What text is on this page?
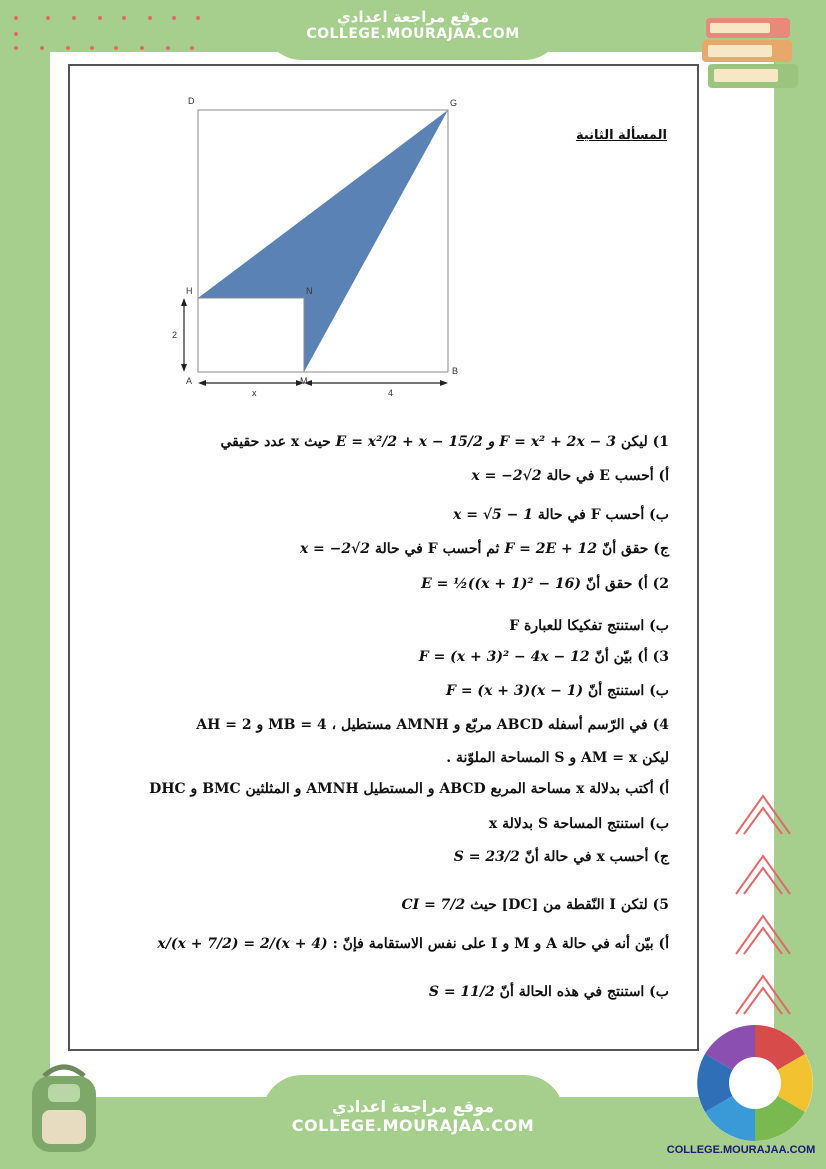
موقع مراجعة اعدادي
COLLEGE.MOURAJAA.COM
D	G
H	N
A	M
B
2
x	4
المسألة الثانية
1) ليكن E = x²/2 + x − 15/2 و F = x² + 2x − 3 حيث x عدد حقيقي
أ) أحسب E في حالة x = −2√2
ب) أحسب F في حالة x = √5 − 1
ج) حقق أنّ F = 2E + 12 ثم أحسب F في حالة x = −2√2
2) أ) حقق أنّ E = ½((x + 1)² − 16)
ب) استنتج تفكيكا للعبارة F
3) أ) بيّن أنّ F = (x + 3)² − 4x − 12
ب) استنتج أنّ F = (x + 3)(x − 1)
4) في الرّسم أسفله ABCD مربّع و AMNH مستطيل ، 4 = MB و 2 = AH
ليكن AM = x و S المساحة الملوّنة .
أ) أكتب بدلالة x مساحة المربع ABCD و المستطيل AMNH و المثلثين BMC و DHC
ب) استنتج المساحة S بدلالة x
ج) أحسب x في حالة أنّ S = 23/2
5) لتكن I النّقطة من [DC] حيث CI = 7/2
أ) بيّن أنه في حالة A و M و I على نفس الاستقامة فإنّ : x/(x + 7/2) = 2/(x + 4)
ب) استنتج في هذه الحالة أنّ S = 11/2
موقع مراجعة اعدادي
COLLEGE.MOURAJAA.COM
COLLEGE.MOURAJAA.COM
